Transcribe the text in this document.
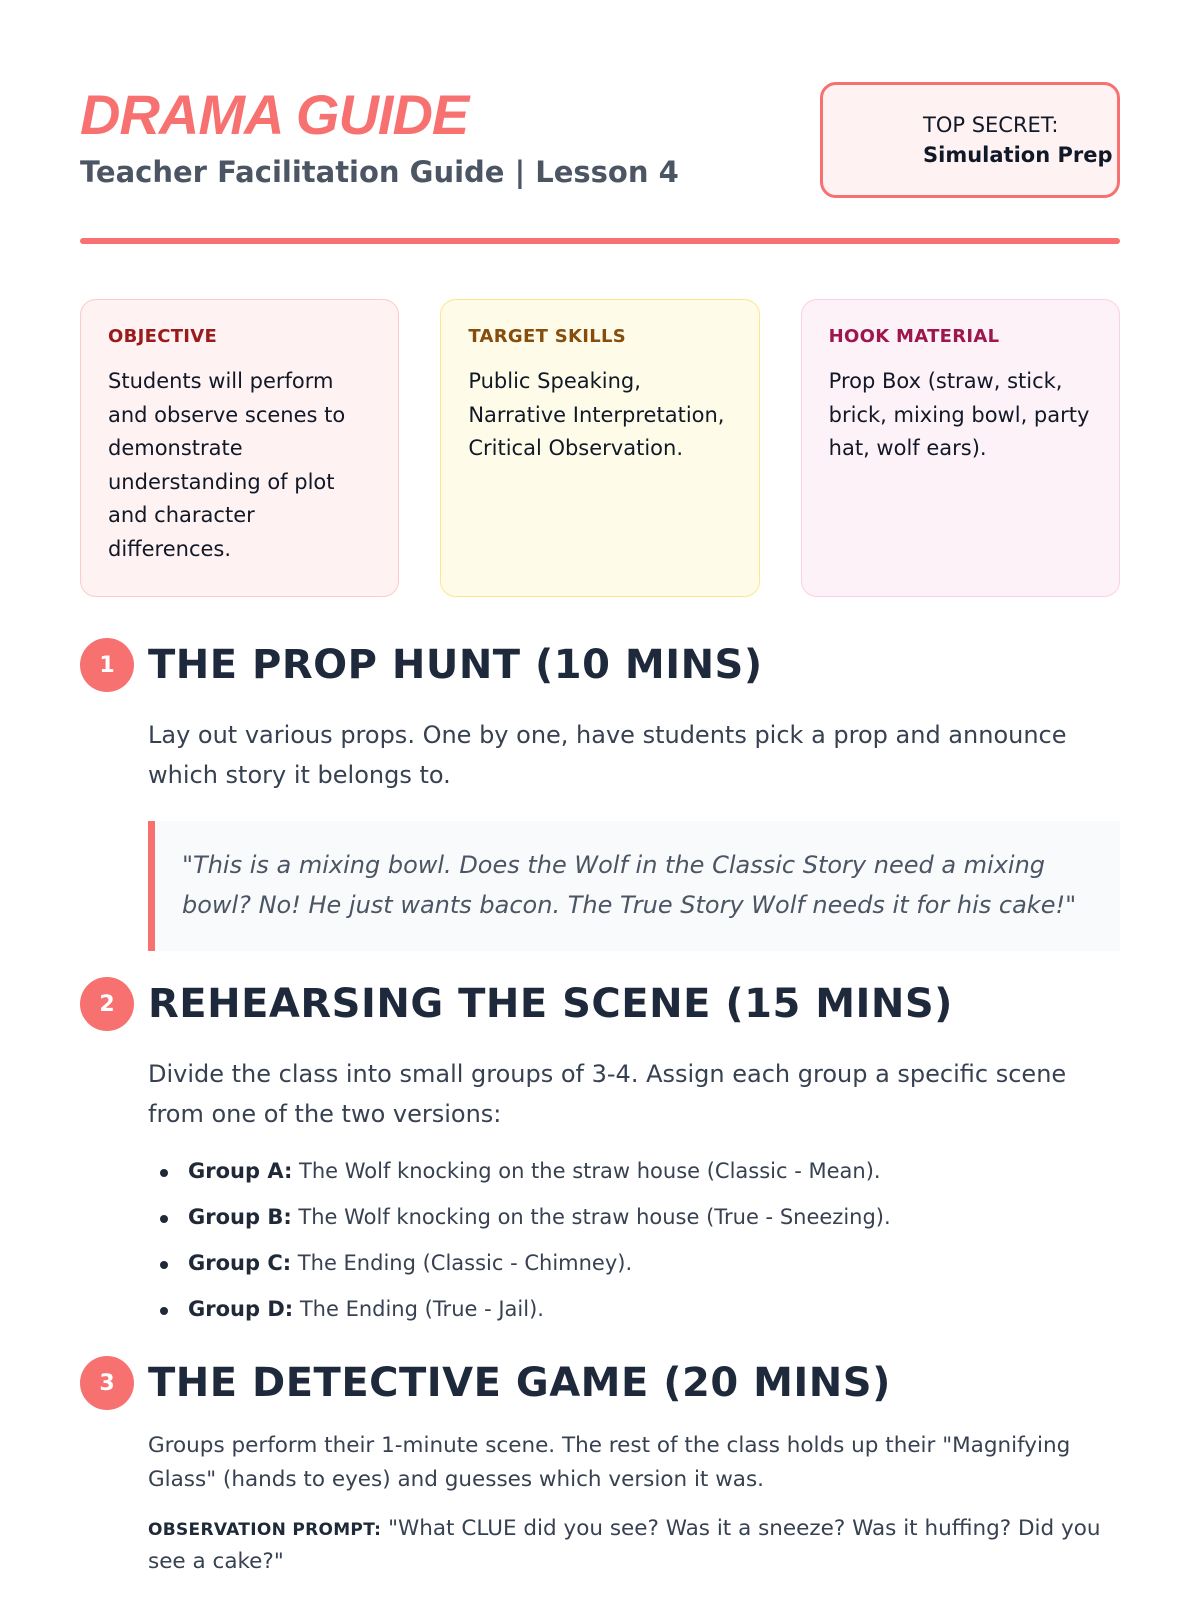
DRAMA GUIDE
Teacher Facilitation Guide | Lesson 4
TOP SECRET:
Simulation Prep
OBJECTIVE
Students will perform and observe scenes to demonstrate understanding of plot and character differences.
TARGET SKILLS
Public Speaking, Narrative Interpretation, Critical Observation.
HOOK MATERIAL
Prop Box (straw, stick, brick, mixing bowl, party hat, wolf ears).
1 THE PROP HUNT (10 MINS)

Lay out various props. One by one, have students pick a prop and announce which story it belongs to.

"This is a mixing bowl. Does the Wolf in the Classic Story need a mixing bowl? No! He just wants bacon. The True Story Wolf needs it for his cake!"

2 REHEARSING THE SCENE (15 MINS)

Divide the class into small groups of 3-4. Assign each group a specific scene from one of the two versions:

Group A: The Wolf knocking on the straw house (Classic - Mean).
Group B: The Wolf knocking on the straw house (True - Sneezing).
Group C: The Ending (Classic - Chimney).
Group D: The Ending (True - Jail).
3 THE DETECTIVE GAME (20 MINS)

Groups perform their 1-minute scene. The rest of the class holds up their "Magnifying Glass" (hands to eyes) and guesses which version it was.

OBSERVATION PROMPT: "What CLUE did you see? Was it a sneeze? Was it huffing? Did you see a cake?"
